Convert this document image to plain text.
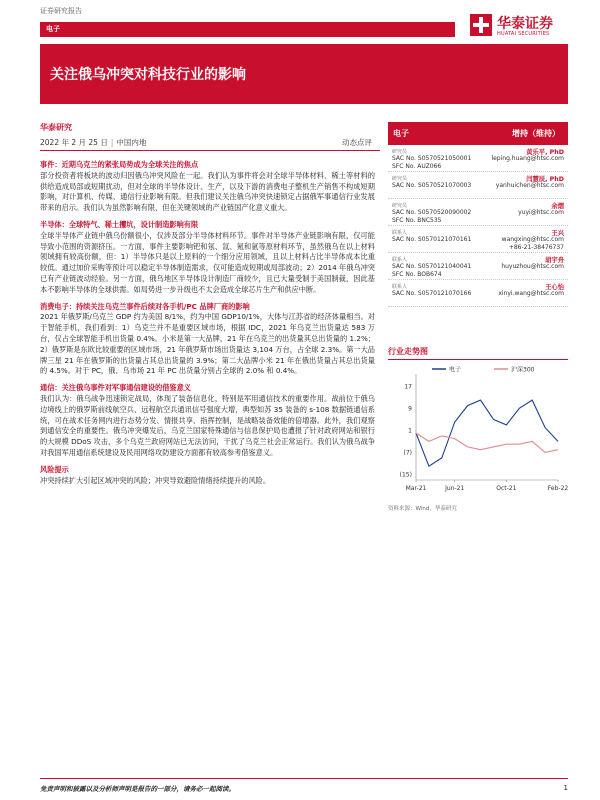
证券研究报告
电子	华泰证券
HUATAI SECURITIES
关注俄乌冲突对科技行业的影响
华泰研究
2022 年 2 月 25 日 | 中国内地	动态点评
事件：近期乌克兰的紧张局势成为全球关注的焦点
部分投资者将板块的波动归因俄乌冲突风险在一起。我们认为事件将会对全球半导体材料、稀土等材料的供给造成局部或短期扰动，但对全球的半导体设计、生产，以及下游的消费电子整机生产销售不构成短期影响，对计算机、传媒、通信行业影响有限。但我们建议关注俄乌冲突快速锁定占据俄军事通信行业发展带来的启示。我们认为虽然影响有限，但在关键领域的产业链国产化意义重大。
半导体：全球特气、稀土攫坑，设计制造影响有限
全球半导体产业链中俄乌份额很小，仅涉及部分半导体材料环节。事件对半导体产业链影响有限，仅可能导致小范围的资源挤压。一方面，事件主要影响钯和氖、氙、氪和氩等原材料环节，虽然俄乌在以上材料领域拥有较高份额，但：1）半导体只是以上原料的一个细分应用领域，且以上材料占比半导体成本比重较低。通过加价采购等预计可以稳定半导体制造需求，仅可能造成短期或局部波动；2）2014 年俄乌冲突已有产业链波动经验。另一方面，俄乌地区半导体设计制造厂商较少，且已大量受制于美国制裁，因此基本不影响半导体的全球供需。如局势进一步升级也不太会造成全球芯片生产和供应中断。
消费电子：持续关注乌克兰事件后续对各手机/PC 品牌厂商的影响
2021 年俄罗斯/乌克兰 GDP 约为美国 8/1%，约为中国 GDP10/1%，大体与江苏省的经济体量相当。对于智能手机，我们看到：1）乌克兰并不是重要区域市场，根据 IDC，2021 年乌克兰出货量达 583 万台，仅占全球智能手机出货量 0.4%。小米是第一大品牌，21 年在乌克兰的出货量其总出货量的 1.2%；2）俄罗斯是东欧比较重要的区域市场，21 年俄罗斯市场出货量达 3,104 万台，占全球 2.3%。第一大品牌三星 21 年在俄罗斯的出货量占其总出货量的 3.9%；第二大品牌小米 21 年在俄出货量占其总出货量的 4.5%。对于 PC，俄、乌市场 21 年 PC 出货量分别占全球的 2.0% 和 0.4%。
通信：关注俄乌事件对军事通信建设的借鉴意义
我们认为：俄乌战争迅速锁定战局，体现了装备信息化，特别是军用通信技术的重要作用。战前位于俄乌边境线上的俄罗斯前线航空兵、远程航空兵通讯信号强度大增，典型如苏 35 装备的 s-108 数据链通信系统，可在战术任务网内进行态势分发、情报共享、指挥控制，是战略装备效能的倍增器。此外，我们观察到通信安全的重要性。俄乌冲突爆发后，乌克兰国家特殊通信与信息保护局也遭报了针对政府网站和银行的大规模 DDoS 攻击，多个乌克兰政府网站已无法访问，干扰了乌克兰社会正常运行。我们认为俄乌战争对我国军用通信系统建设及民用网络攻防建设方面都有较高参考借鉴意义。
风险提示
冲突持续扩大引起区域冲突的风险；冲突导致避险情绪持续提升的风险。
电子	增持（维持）
研究员	黄乐平, PhD
SAC No. S0570521050001
SFC No. AUZ066
leping.huang@htsc.com
研究员	闫慧辰, PhD
SAC No. S0570521070003	yanhuichen@htsc.com
研究员	余熠
SAC No. S0570520090002
SFC No. BNC535
yuyi@htsc.com
联系人	王兴
SAC No. S0570121070161	wangxing@htsc.com
+86-21-38476737
联系人	胡宇舟
SAC No. S0570121040041
SFC No. BOB674
huyuzhou@htsc.com
联系人	王心怡
SAC No. S0570121070166	xinyi.wang@htsc.com
行业走势图
电子	沪深300
17
9
1
(7)
(15)
Mar-21	Jun-21	Oct-21	Feb-22
资料来源：Wind，华泰研究
免责声明和披露以及分析师声明是报告的一部分，请务必一起阅读。	1
